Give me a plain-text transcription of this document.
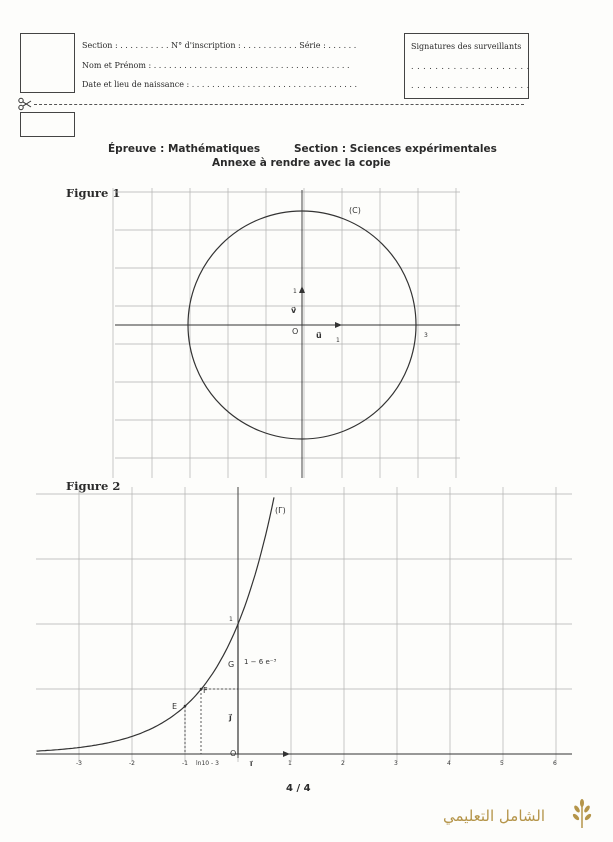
Section : . . . . . . . . . . N° d'inscription : . . . . . . . . . . . Série : . . . . . .
Nom et Prénom : . . . . . . . . . . . . . . . . . . . . . . . . . . . . . . . . . . . . . . .
Date et lieu de naissance : . . . . . . . . . . . . . . . . . . . . . . . . . . . . . . . . .
Signatures des surveillants
. . . . . . . . . . . . . . . . . . . .
. . . . . . . . . . . . . . . . . . . .
Épreuve : Mathématiques	Section : Sciences expérimentales
Annexe à rendre avec la copie
Figure 1
(C)
O u⃗
v⃗
1
1
3
Figure 2
(Γ)
1
G 1 − 6 e⁻³
E
F
j⃗
O
i⃗
ln10 - 3
-3	-2	-1	1	2	3	4	5	6
4 / 4
الشامل التعليمي
